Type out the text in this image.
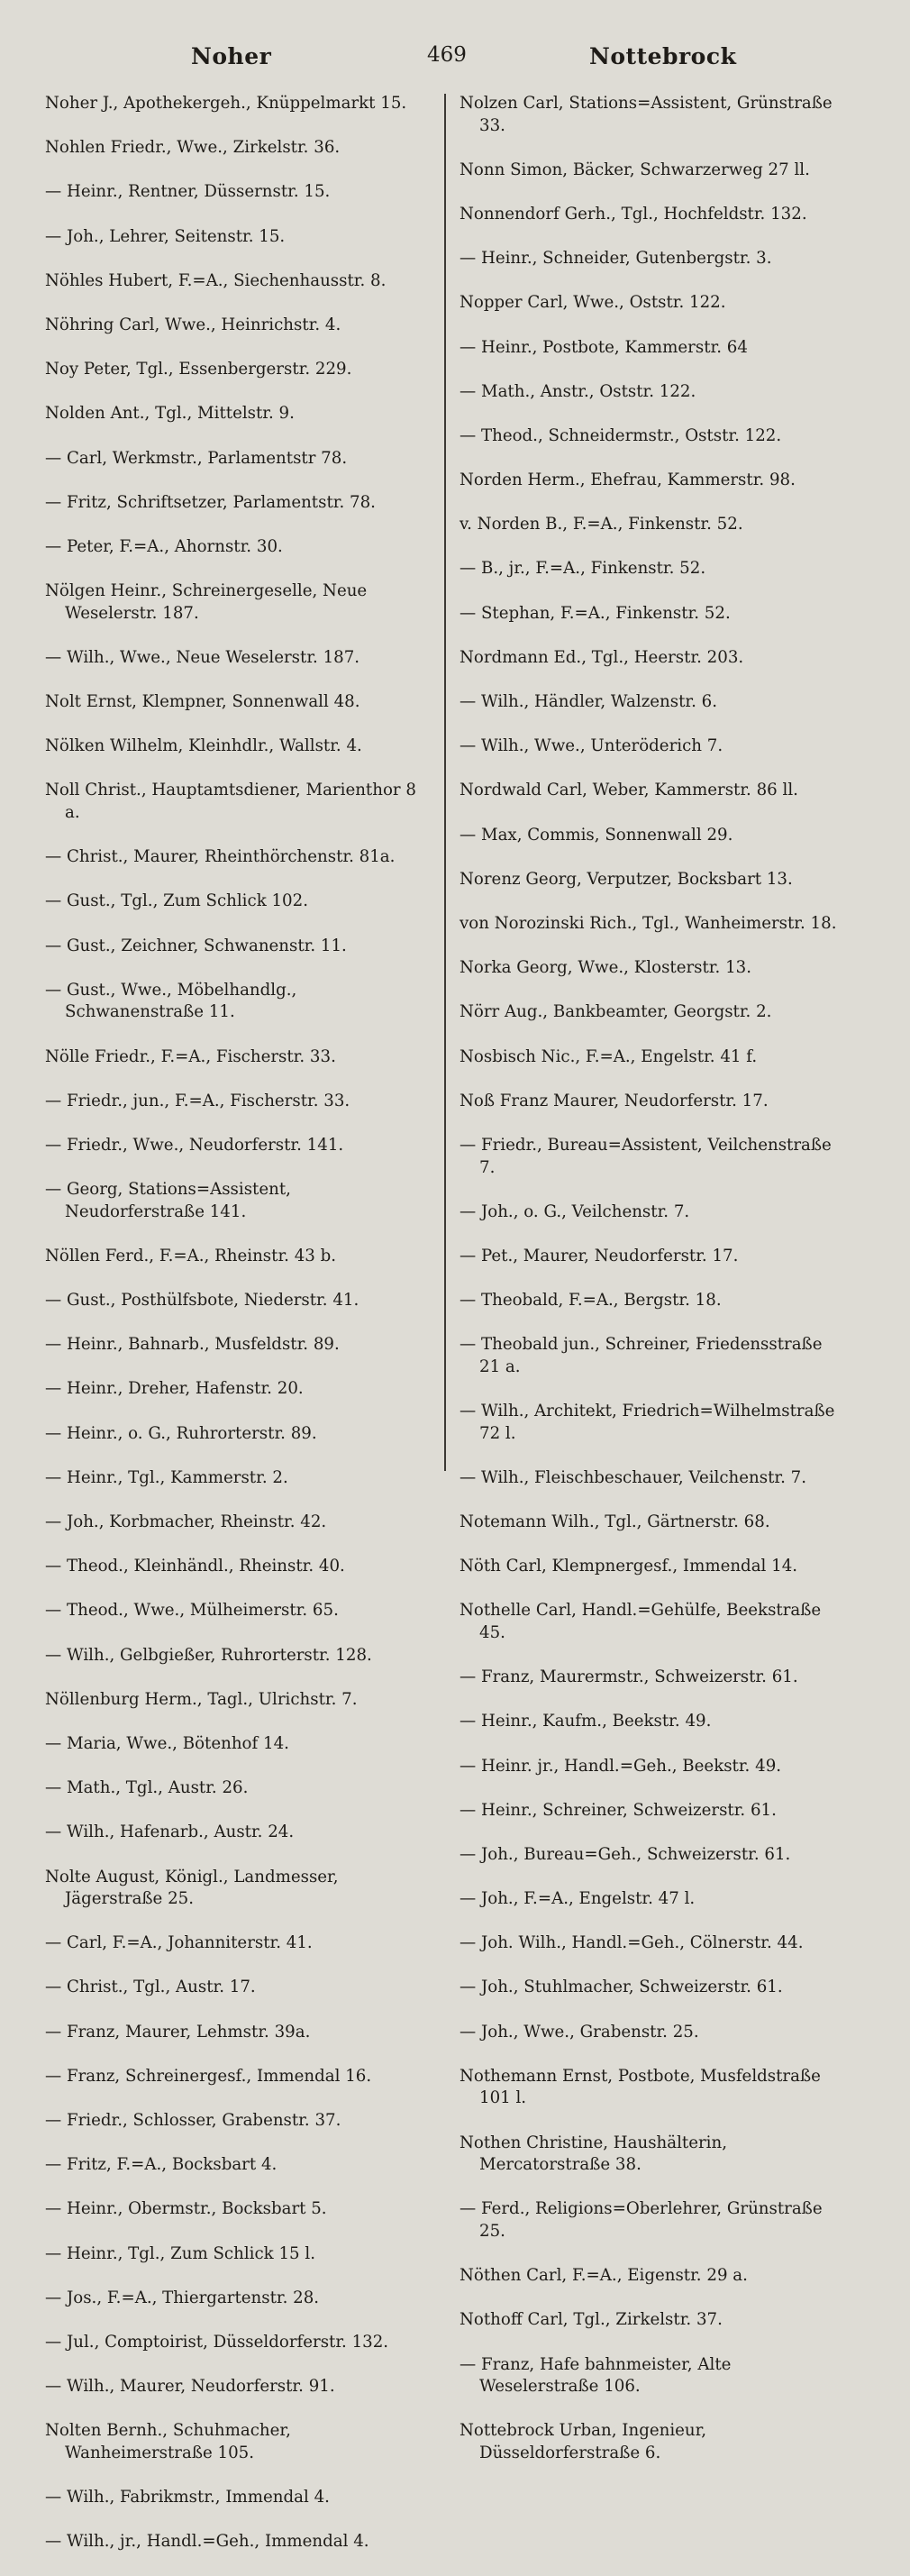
Noher	469	Nottebrock
Noher J., Apothekergeh., Knüppelmarkt 15.
Nohlen Friedr., Wwe., Zirkelstr. 36.
— Heinr., Rentner, Düssernstr. 15.
— Joh., Lehrer, Seitenstr. 15.
Nöhles Hubert, F.=A., Siechenhausstr. 8.
Nöhring Carl, Wwe., Heinrichstr. 4.
Noy Peter, Tgl., Essenbergerstr. 229.
Nolden Ant., Tgl., Mittelstr. 9.
— Carl, Werkmstr., Parlamentstr 78.
— Fritz, Schriftsetzer, Parlamentstr. 78.
— Peter, F.=A., Ahornstr. 30.
Nölgen Heinr., Schreinergeselle, Neue Weselerstr. 187.
— Wilh., Wwe., Neue Weselerstr. 187.
Nolt Ernst, Klempner, Sonnenwall 48.
Nölken Wilhelm, Kleinhdlr., Wallstr. 4.
Noll Christ., Hauptamtsdiener, Marienthor 8 a.
— Christ., Maurer, Rheinthörchenstr. 81a.
— Gust., Tgl., Zum Schlick 102.
— Gust., Zeichner, Schwanenstr. 11.
— Gust., Wwe., Möbelhandlg., Schwanenstraße 11.
Nölle Friedr., F.=A., Fischerstr. 33.
— Friedr., jun., F.=A., Fischerstr. 33.
— Friedr., Wwe., Neudorferstr. 141.
— Georg, Stations=Assistent, Neudorferstraße 141.
Nöllen Ferd., F.=A., Rheinstr. 43 b.
— Gust., Posthülfsbote, Niederstr. 41.
— Heinr., Bahnarb., Musfeldstr. 89.
— Heinr., Dreher, Hafenstr. 20.
— Heinr., o. G., Ruhrorterstr. 89.
— Heinr., Tgl., Kammerstr. 2.
— Joh., Korbmacher, Rheinstr. 42.
— Theod., Kleinhändl., Rheinstr. 40.
— Theod., Wwe., Mülheimerstr. 65.
— Wilh., Gelbgießer, Ruhrorterstr. 128.
Nöllenburg Herm., Tagl., Ulrichstr. 7.
— Maria, Wwe., Bötenhof 14.
— Math., Tgl., Austr. 26.
— Wilh., Hafenarb., Austr. 24.
Nolte August, Königl., Landmesser, Jägerstraße 25.
— Carl, F.=A., Johanniterstr. 41.
— Christ., Tgl., Austr. 17.
— Franz, Maurer, Lehmstr. 39a.
— Franz, Schreinergesf., Immendal 16.
— Friedr., Schlosser, Grabenstr. 37.
— Fritz, F.=A., Bocksbart 4.
— Heinr., Obermstr., Bocksbart 5.
— Heinr., Tgl., Zum Schlick 15 l.
— Jos., F.=A., Thiergartenstr. 28.
— Jul., Comptoirist, Düsseldorferstr. 132.
— Wilh., Maurer, Neudorferstr. 91.
Nolten Bernh., Schuhmacher, Wanheimerstraße 105.
— Wilh., Fabrikmstr., Immendal 4.
— Wilh., jr., Handl.=Geh., Immendal 4.
Nolzen Carl, Stations=Assistent, Grünstraße 33.
Nonn Simon, Bäcker, Schwarzerweg 27 ll.
Nonnendorf Gerh., Tgl., Hochfeldstr. 132.
— Heinr., Schneider, Gutenbergstr. 3.
Nopper Carl, Wwe., Oststr. 122.
— Heinr., Postbote, Kammerstr. 64
— Math., Anstr., Oststr. 122.
— Theod., Schneidermstr., Oststr. 122.
Norden Herm., Ehefrau, Kammerstr. 98.
v. Norden B., F.=A., Finkenstr. 52.
— B., jr., F.=A., Finkenstr. 52.
— Stephan, F.=A., Finkenstr. 52.
Nordmann Ed., Tgl., Heerstr. 203.
— Wilh., Händler, Walzenstr. 6.
— Wilh., Wwe., Unteröderich 7.
Nordwald Carl, Weber, Kammerstr. 86 ll.
— Max, Commis, Sonnenwall 29.
Norenz Georg, Verputzer, Bocksbart 13.
von Norozinski Rich., Tgl., Wanheimerstr. 18.
Norka Georg, Wwe., Klosterstr. 13.
Nörr Aug., Bankbeamter, Georgstr. 2.
Nosbisch Nic., F.=A., Engelstr. 41 f.
Noß Franz Maurer, Neudorferstr. 17.
— Friedr., Bureau=Assistent, Veilchenstraße 7.
— Joh., o. G., Veilchenstr. 7.
— Pet., Maurer, Neudorferstr. 17.
— Theobald, F.=A., Bergstr. 18.
— Theobald jun., Schreiner, Friedensstraße 21 a.
— Wilh., Architekt, Friedrich=Wilhelmstraße 72 l.
— Wilh., Fleischbeschauer, Veilchenstr. 7.
Notemann Wilh., Tgl., Gärtnerstr. 68.
Nöth Carl, Klempnergesf., Immendal 14.
Nothelle Carl, Handl.=Gehülfe, Beekstraße 45.
— Franz, Maurermstr., Schweizerstr. 61.
— Heinr., Kaufm., Beekstr. 49.
— Heinr. jr., Handl.=Geh., Beekstr. 49.
— Heinr., Schreiner, Schweizerstr. 61.
— Joh., Bureau=Geh., Schweizerstr. 61.
— Joh., F.=A., Engelstr. 47 l.
— Joh. Wilh., Handl.=Geh., Cölnerstr. 44.
— Joh., Stuhlmacher, Schweizerstr. 61.
— Joh., Wwe., Grabenstr. 25.
Nothemann Ernst, Postbote, Musfeldstraße 101 l.
Nothen Christine, Haushälterin, Mercatorstraße 38.
— Ferd., Religions=Oberlehrer, Grünstraße 25.
Nöthen Carl, F.=A., Eigenstr. 29 a.
Nothoff Carl, Tgl., Zirkelstr. 37.
— Franz, Hafe bahnmeister, Alte Weselerstraße 106.
Nottebrock Urban, Ingenieur, Düsseldorferstraße 6.
